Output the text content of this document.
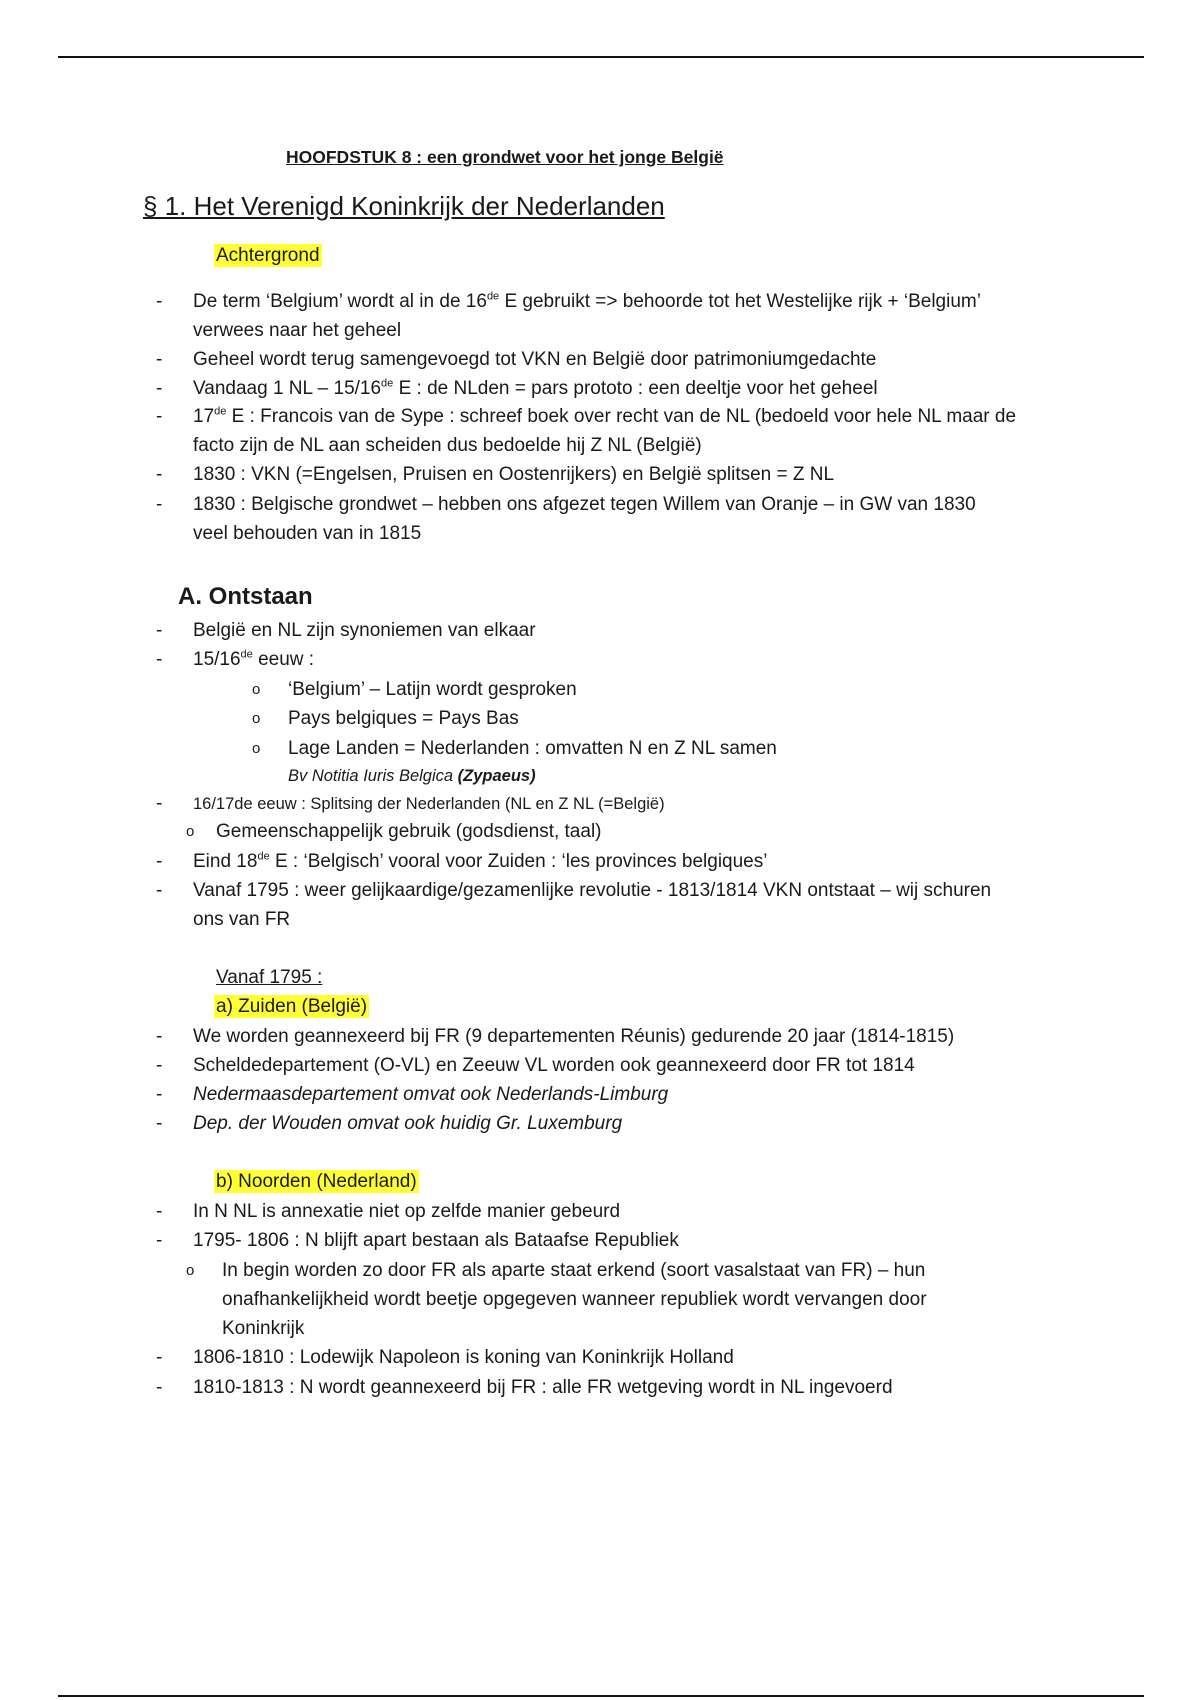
HOOFDSTUK 8 : een grondwet voor het jonge België
§ 1. Het Verenigd Koninkrijk der Nederlanden
Achtergrond
- De term ‘Belgium’ wordt al in de 16de E gebruikt => behoorde tot het Westelijke rijk + ‘Belgium’
verwees naar het geheel
- Geheel wordt terug samengevoegd tot VKN en België door patrimoniumgedachte
- Vandaag 1 NL – 15/16de E : de NLden = pars prototo : een deeltje voor het geheel
- 17de E : Francois van de Sype : schreef boek over recht van de NL (bedoeld voor hele NL maar de
facto zijn de NL aan scheiden dus bedoelde hij Z NL (België)
- 1830 : VKN (=Engelsen, Pruisen en Oostenrijkers) en België splitsen = Z NL
- 1830 : Belgische grondwet – hebben ons afgezet tegen Willem van Oranje – in GW van 1830
veel behouden van in 1815
A. Ontstaan
- België en NL zijn synoniemen van elkaar
- 15/16de eeuw :
o ‘Belgium’ – Latijn wordt gesproken
o Pays belgiques = Pays Bas
o Lage Landen = Nederlanden : omvatten N en Z NL samen
Bv Notitia Iuris Belgica (Zypaeus)
- 16/17de eeuw : Splitsing der Nederlanden (NL en Z NL (=België)
o Gemeenschappelijk gebruik (godsdienst, taal)
- Eind 18de E : ‘Belgisch’ vooral voor Zuiden : ‘les provinces belgiques’
- Vanaf 1795 : weer gelijkaardige/gezamenlijke revolutie - 1813/1814 VKN ontstaat – wij schuren
ons van FR
Vanaf 1795 :
a) Zuiden (België)
- We worden geannexeerd bij FR (9 departementen Réunis) gedurende 20 jaar (1814-1815)
- Scheldedepartement (O-VL) en Zeeuw VL worden ook geannexeerd door FR tot 1814
- Nedermaasdepartement omvat ook Nederlands-Limburg
- Dep. der Wouden omvat ook huidig Gr. Luxemburg
b) Noorden (Nederland)
- In N NL is annexatie niet op zelfde manier gebeurd
- 1795- 1806 : N blijft apart bestaan als Bataafse Republiek
o In begin worden zo door FR als aparte staat erkend (soort vasalstaat van FR) – hun
onafhankelijkheid wordt beetje opgegeven wanneer republiek wordt vervangen door
Koninkrijk
- 1806-1810 : Lodewijk Napoleon is koning van Koninkrijk Holland
- 1810-1813 : N wordt geannexeerd bij FR : alle FR wetgeving wordt in NL ingevoerd
